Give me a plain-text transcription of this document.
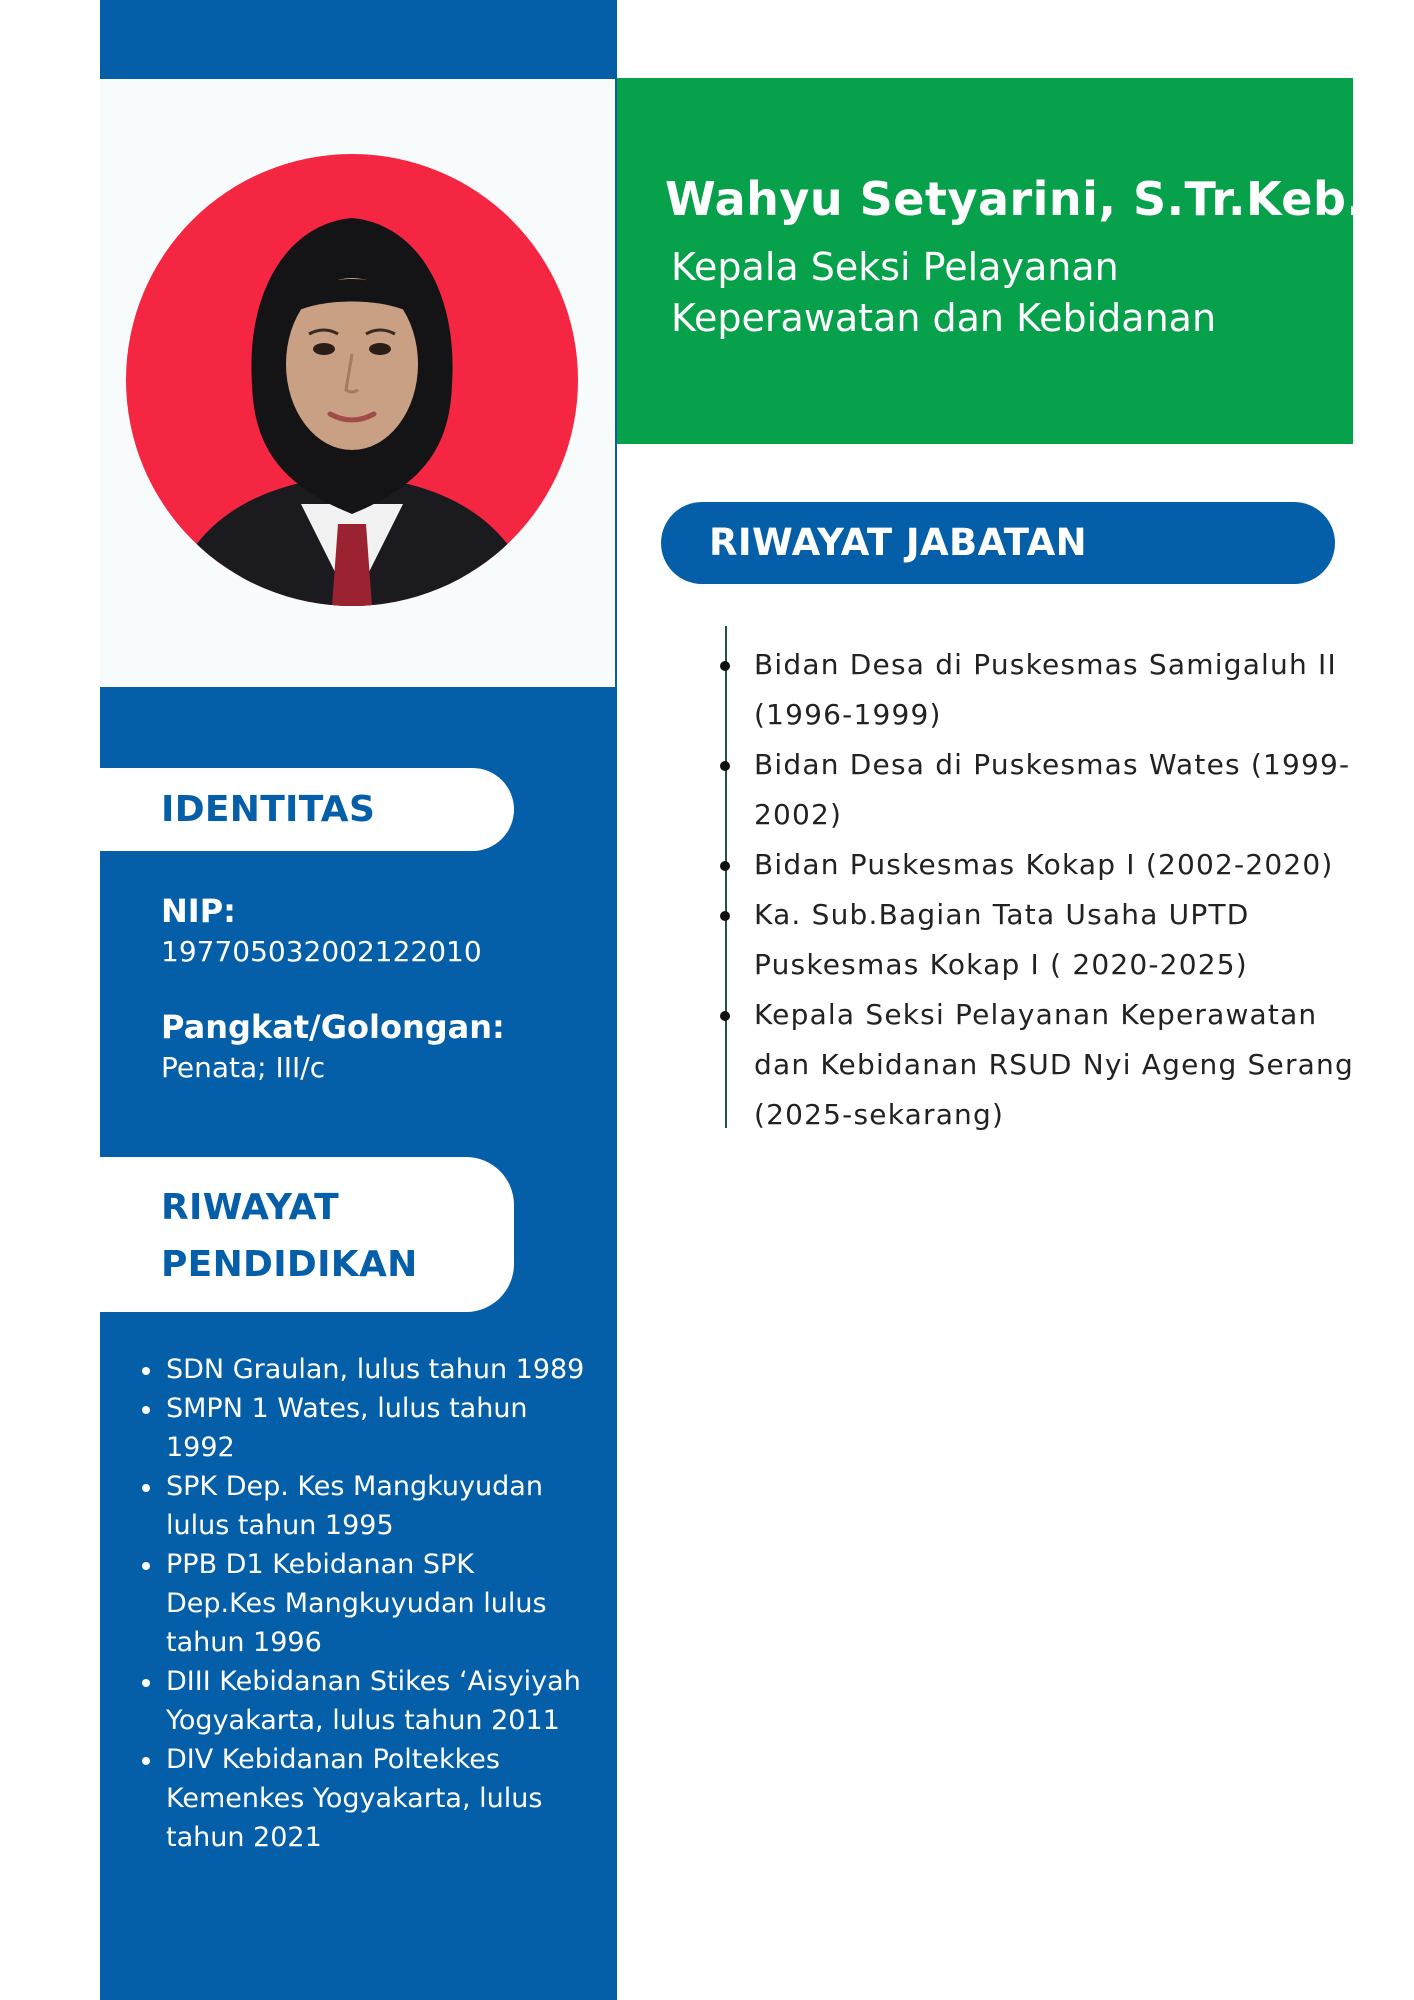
IDENTITAS
NIP:
197705032002122010
Pangkat/Golongan:
Penata; III/c
RIWAYAT
PENDIDIKAN
• SDN Graulan, lulus tahun 1989
• SMPN 1 Wates, lulus tahun 1992
• SPK Dep. Kes Mangkuyudan lulus tahun 1995
• PPB D1 Kebidanan SPK Dep.Kes Mangkuyudan lulus tahun 1996
• DIII Kebidanan Stikes ‘Aisyiyah Yogyakarta, lulus tahun 2011
• DIV Kebidanan Poltekkes Kemenkes Yogyakarta, lulus tahun 2021
Wahyu Setyarini, S.Tr.Keb.
Kepala Seksi Pelayanan
Keperawatan dan Kebidanan
RIWAYAT JABATAN
Bidan Desa di Puskesmas Samigaluh II (1996-1999)
Bidan Desa di Puskesmas Wates (1999-2002)
Bidan Puskesmas Kokap I (2002-2020)
Ka. Sub.Bagian Tata Usaha UPTD Puskesmas Kokap I ( 2020-2025)
Kepala Seksi Pelayanan Keperawatan dan Kebidanan RSUD Nyi Ageng Serang (2025-sekarang)
